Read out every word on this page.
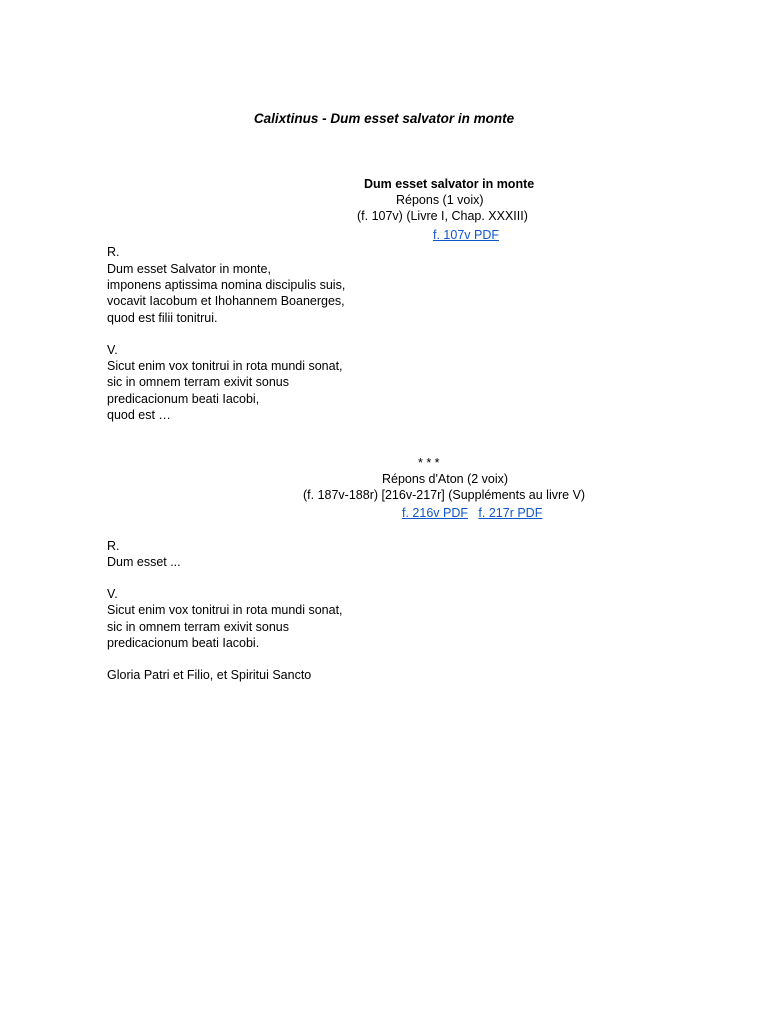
Calixtinus - Dum esset salvator in monte
Dum esset salvator in monte
Répons (1 voix)
(f. 107v) (Livre I, Chap. XXXIII)
f. 107v PDF
R.
Dum esset Salvator in monte,
imponens aptissima nomina discipulis suis,
vocavit Iacobum et Ihohannem Boanerges,
quod est filii tonitrui.
V.
Sicut enim vox tonitrui in rota mundi sonat,
sic in omnem terram exivit sonus
predicacionum beati Iacobi,
quod est …
* * *
Répons d'Aton (2 voix)
(f. 187v-188r) [216v-217r] (Suppléments au livre V)
f. 216v PDF f. 217r PDF
R.
Dum esset ...
V.
Sicut enim vox tonitrui in rota mundi sonat,
sic in omnem terram exivit sonus
predicacionum beati Iacobi.
Gloria Patri et Filio, et Spiritui Sancto
